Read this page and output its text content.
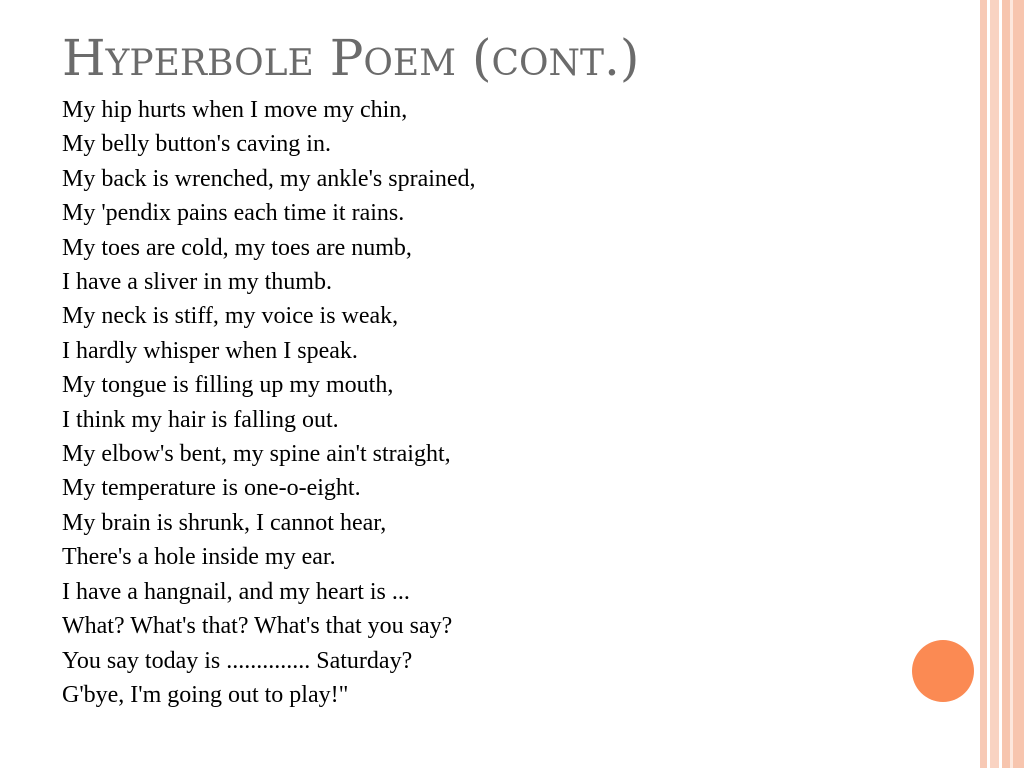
HYPERBOLE POEM (CONT.)
My hip hurts when I move my chin,
My belly button's caving in.
My back is wrenched, my ankle's sprained,
My 'pendix pains each time it rains.
My toes are cold, my toes are numb,
I have a sliver in my thumb.
My neck is stiff, my voice is weak,
I hardly whisper when I speak.
My tongue is filling up my mouth,
I think my hair is falling out.
My elbow's bent, my spine ain't straight,
My temperature is one-o-eight.
My brain is shrunk, I cannot hear,
There's a hole inside my ear.
I have a hangnail, and my heart is ...
What? What's that? What's that you say?
You say today is .............. Saturday?
G'bye, I'm going out to play!"
